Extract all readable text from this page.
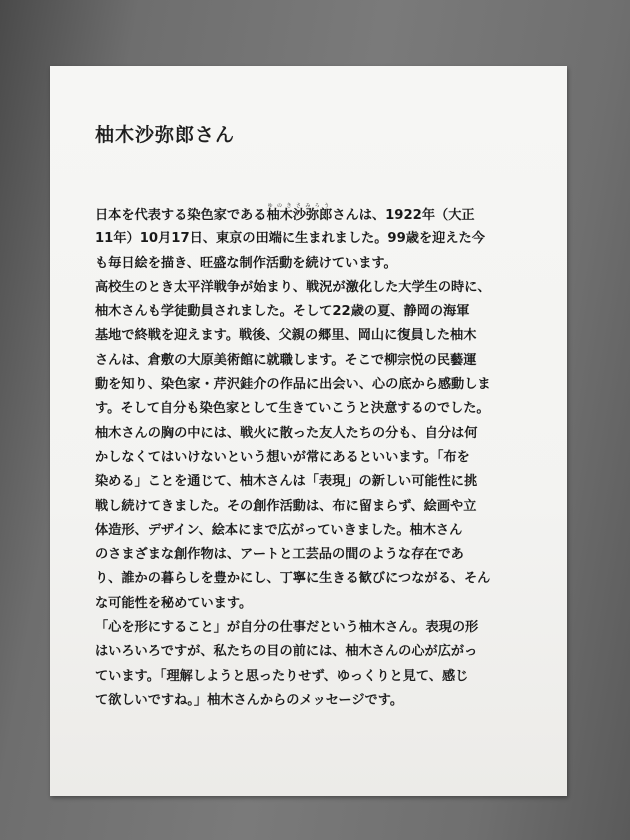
柚木沙弥郎さん
日本を代表する染色家である柚木沙弥郎ゆのきさみろうさんは、1922年（大正
11年）10月17日、東京の田端に生まれました。99歳を迎えた今
も毎日絵を描き、旺盛な制作活動を続けています。
高校生のとき太平洋戦争が始まり、戦況が激化した大学生の時に、
柚木さんも学徒動員されました。そして22歳の夏、静岡の海軍
基地で終戦を迎えます。戦後、父親の郷里、岡山に復員した柚木
さんは、倉敷の大原美術館に就職します。そこで柳宗悦の民藝運
動を知り、染色家・芹沢銈介の作品に出会い、心の底から感動しま
す。そして自分も染色家として生きていこうと決意するのでした。
柚木さんの胸の中には、戦火に散った友人たちの分も、自分は何
かしなくてはいけないという想いが常にあるといいます。「布を
染める」ことを通じて、柚木さんは「表現」の新しい可能性に挑
戦し続けてきました。その創作活動は、布に留まらず、絵画や立
体造形、デザイン、絵本にまで広がっていきました。柚木さん
のさまざまな創作物は、アートと工芸品の間のような存在であ
り、誰かの暮らしを豊かにし、丁寧に生きる歓びにつながる、そん
な可能性を秘めています。
「心を形にすること」が自分の仕事だという柚木さん。表現の形
はいろいろですが、私たちの目の前には、柚木さんの心が広がっ
ています。「理解しようと思ったりせず、ゆっくりと見て、感じ
て欲しいですね。」柚木さんからのメッセージです。
